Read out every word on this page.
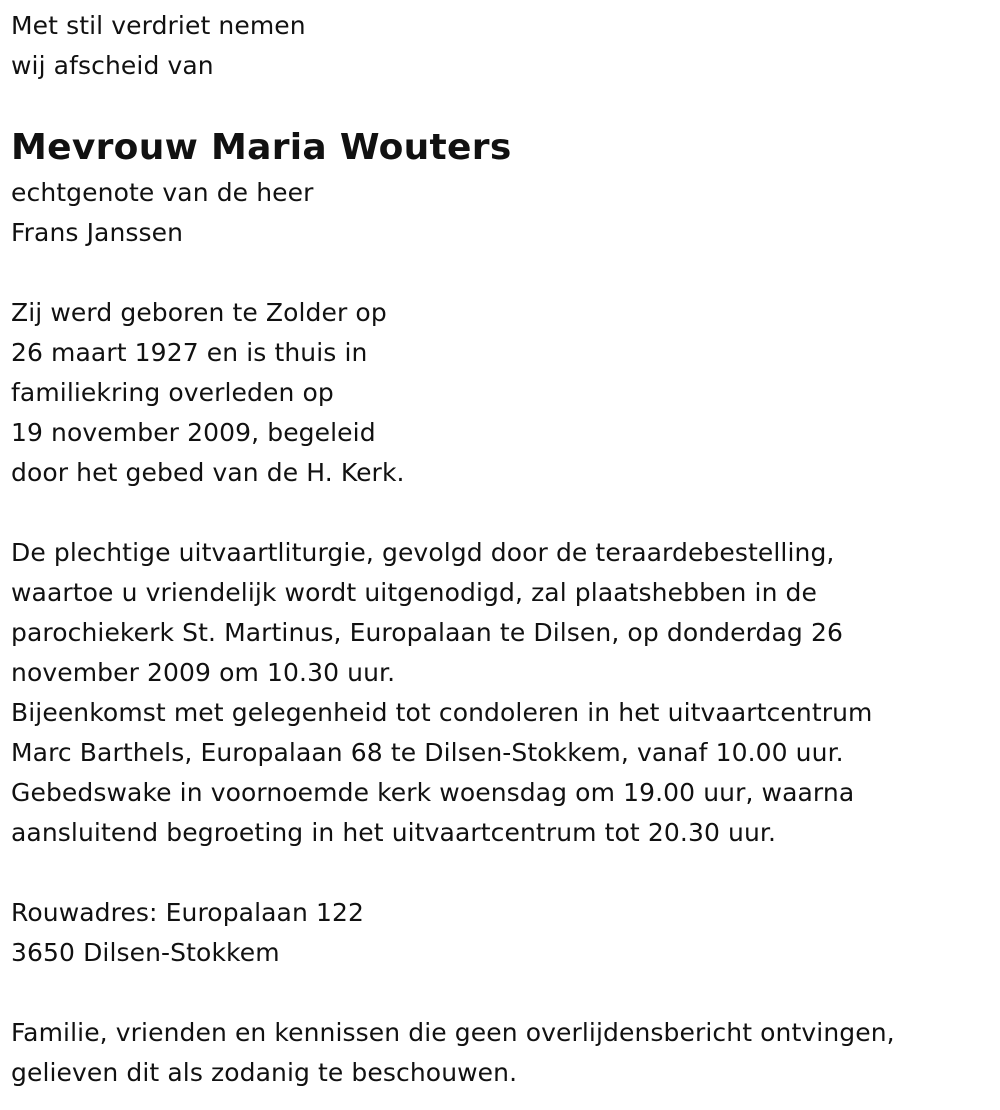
Met stil verdriet nemen
wij afscheid van
Mevrouw Maria Wouters
echtgenote van de heer
Frans Janssen
Zij werd geboren te Zolder op
26 maart 1927 en is thuis in
familiekring overleden op
19 november 2009, begeleid
door het gebed van de H. Kerk.
De plechtige uitvaartliturgie, gevolgd door de teraardebestelling,
waartoe u vriendelijk wordt uitgenodigd, zal plaatshebben in de
parochiekerk St. Martinus, Europalaan te Dilsen, op donderdag 26
november 2009 om 10.30 uur.
Bijeenkomst met gelegenheid tot condoleren in het uitvaartcentrum
Marc Barthels, Europalaan 68 te Dilsen-Stokkem, vanaf 10.00 uur.
Gebedswake in voornoemde kerk woensdag om 19.00 uur, waarna
aansluitend begroeting in het uitvaartcentrum tot 20.30 uur.
Rouwadres: Europalaan 122
3650 Dilsen-Stokkem
Familie, vrienden en kennissen die geen overlijdensbericht ontvingen,
gelieven dit als zodanig te beschouwen.
